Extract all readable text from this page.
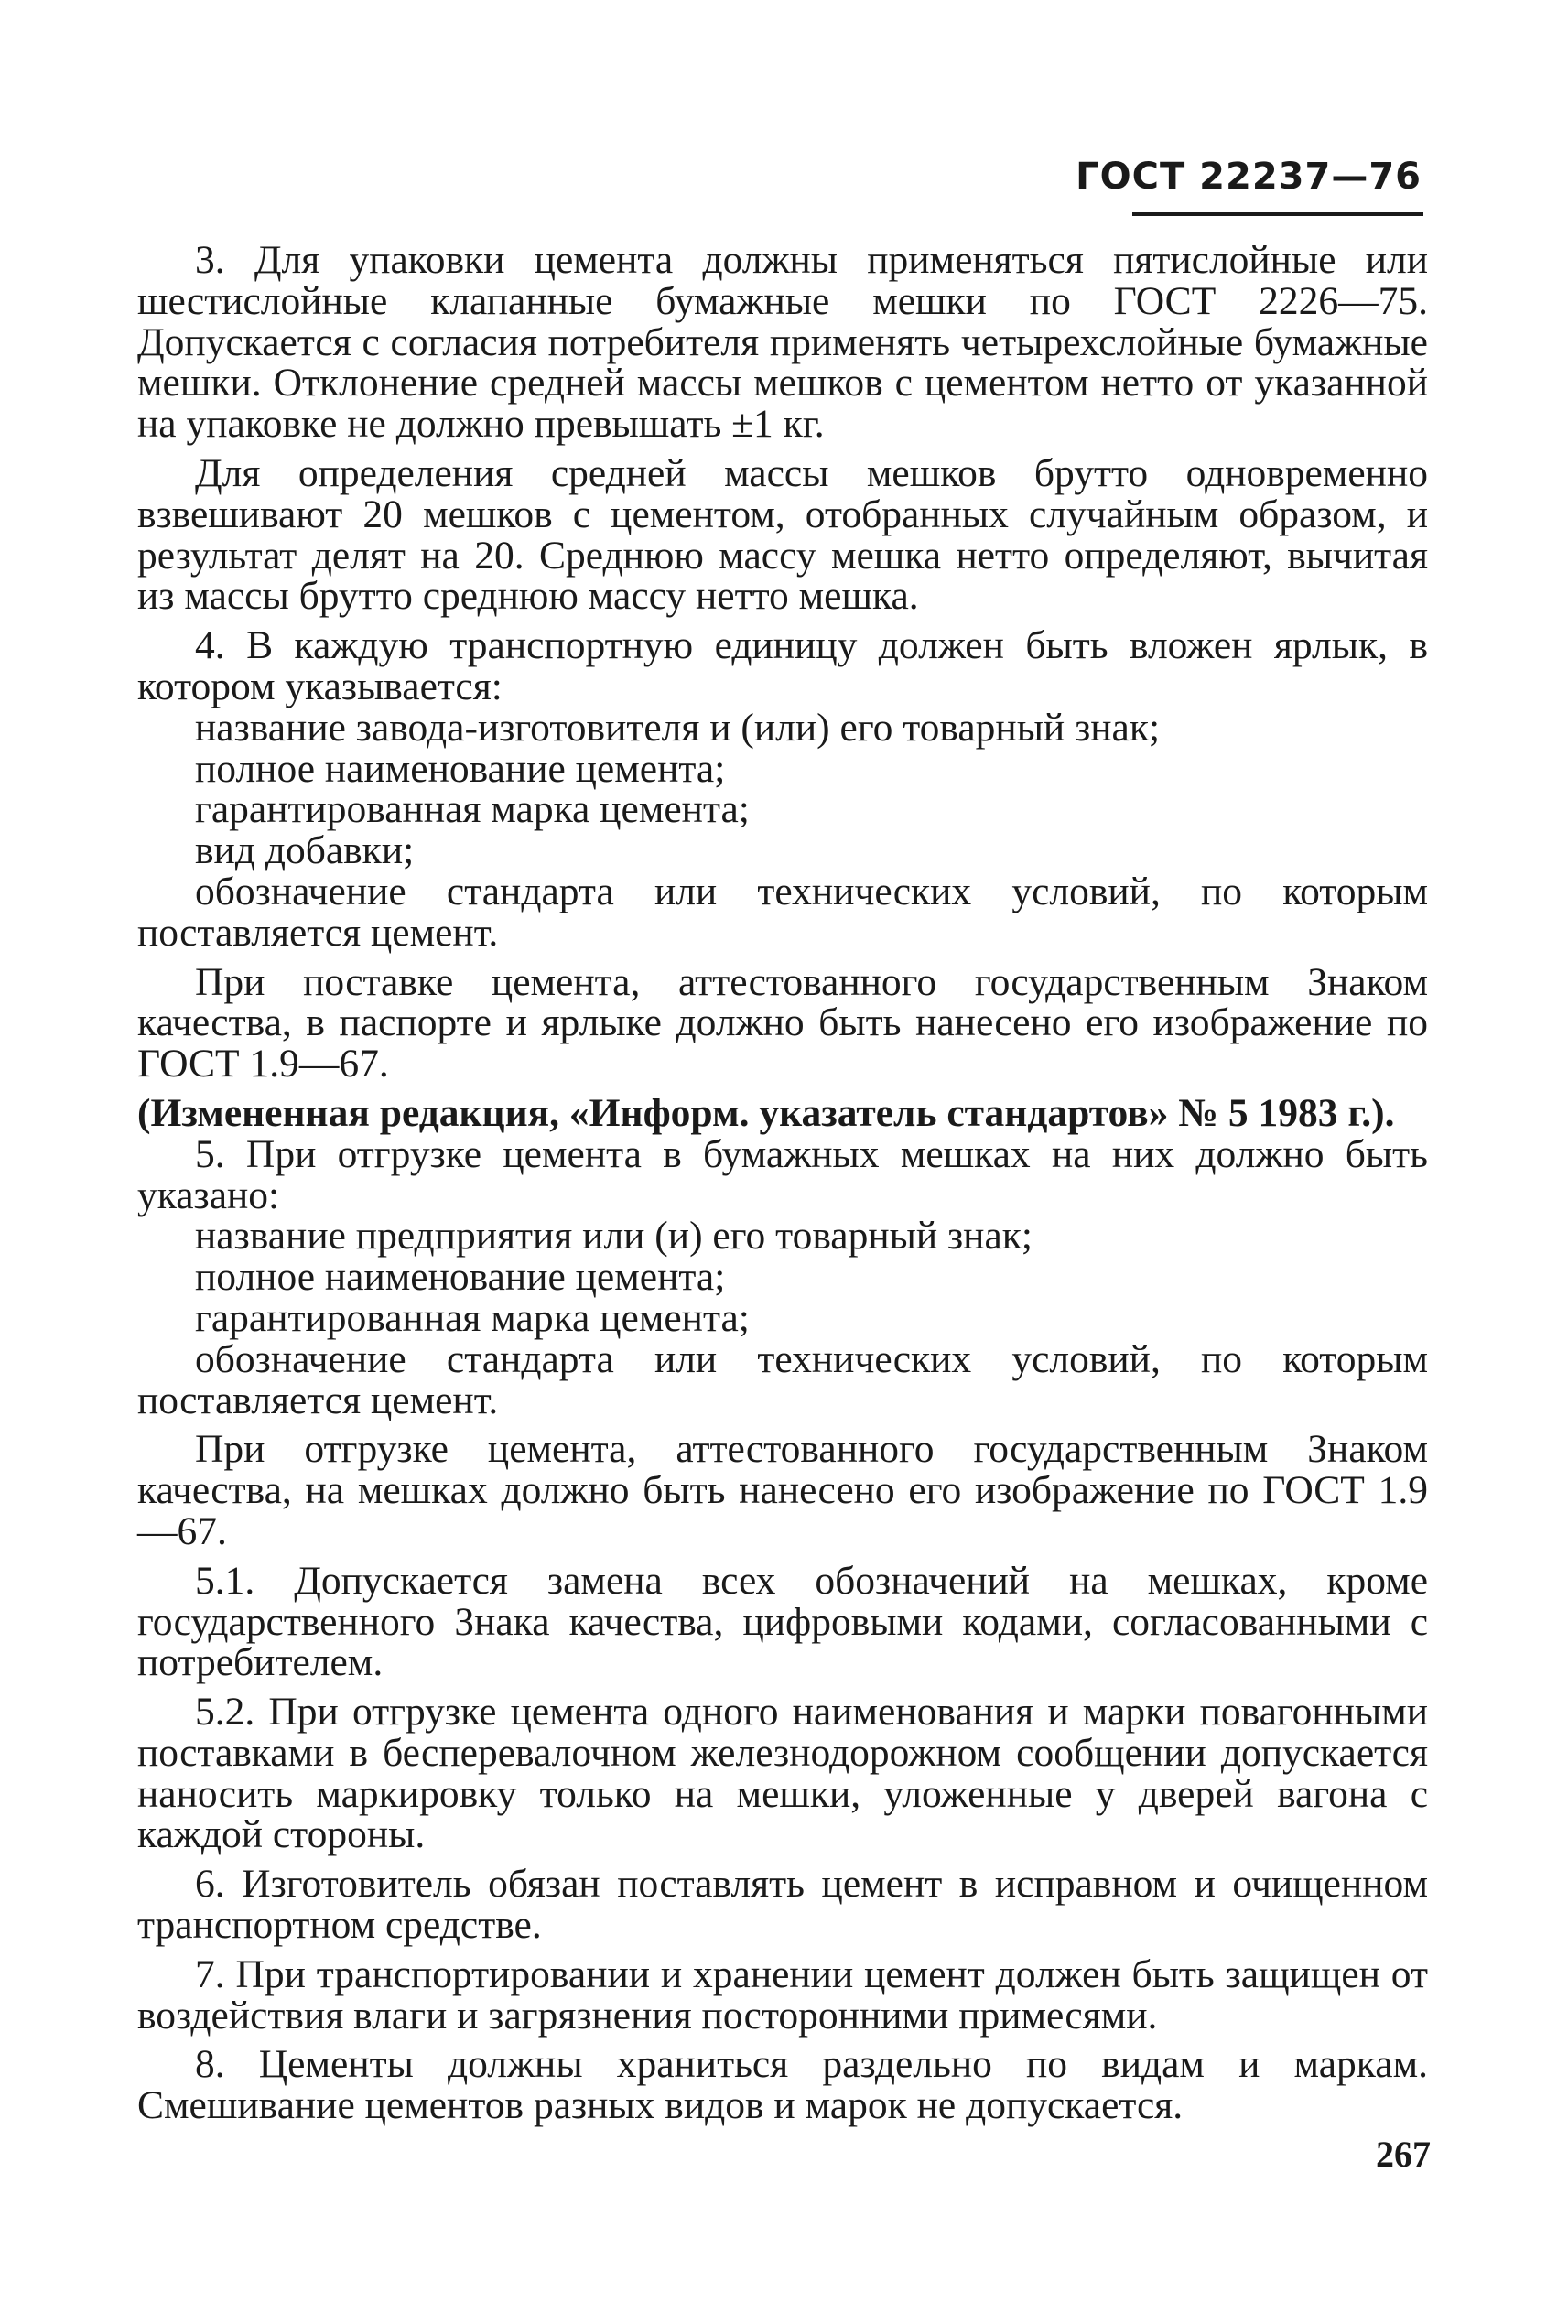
ГОСТ 22237—76

3. Для упаковки цемента должны применяться пятислойные или шестислойные клапанные бумажные мешки по ГОСТ 2226—75. Допускается с согласия потребителя применять четырехслойные бумажные мешки. Отклонение средней массы мешков с цементом нетто от указанной на упаковке не должно превышать ±1 кг.

Для определения средней массы мешков брутто одновременно взвешивают 20 мешков с цементом, отобранных случайным образом, и результат делят на 20. Среднюю массу мешка нетто определяют, вычитая из массы брутто среднюю массу нетто мешка.

4. В каждую транспортную единицу должен быть вложен ярлык, в котором указывается:

название завода-изготовителя и (или) его товарный знак;

полное наименование цемента;

гарантированная марка цемента;

вид добавки;

обозначение стандарта или технических условий, по которым поставляется цемент.

При поставке цемента, аттестованного государственным Знаком качества, в паспорте и ярлыке должно быть нанесено его изображение по ГОСТ 1.9—67.

(Измененная редакция, «Информ. указатель стандартов» № 5 1983 г.).

5. При отгрузке цемента в бумажных мешках на них должно быть указано:

название предприятия или (и) его товарный знак;

полное наименование цемента;

гарантированная марка цемента;

обозначение стандарта или технических условий, по которым поставляется цемент.

При отгрузке цемента, аттестованного государственным Знаком качества, на мешках должно быть нанесено его изображение по ГОСТ 1.9—67.

5.1. Допускается замена всех обозначений на мешках, кроме государственного Знака качества, цифровыми кодами, согласованными с потребителем.

5.2. При отгрузке цемента одного наименования и марки повагонными поставками в бесперевалочном железнодорожном сообщении допускается наносить маркировку только на мешки, уложенные у дверей вагона с каждой стороны.

6. Изготовитель обязан поставлять цемент в исправном и очищенном транспортном средстве.

7. При транспортировании и хранении цемент должен быть защищен от воздействия влаги и загрязнения посторонними примесями.

8. Цементы должны храниться раздельно по видам и маркам. Смешивание цементов разных видов и марок не допускается.

267
